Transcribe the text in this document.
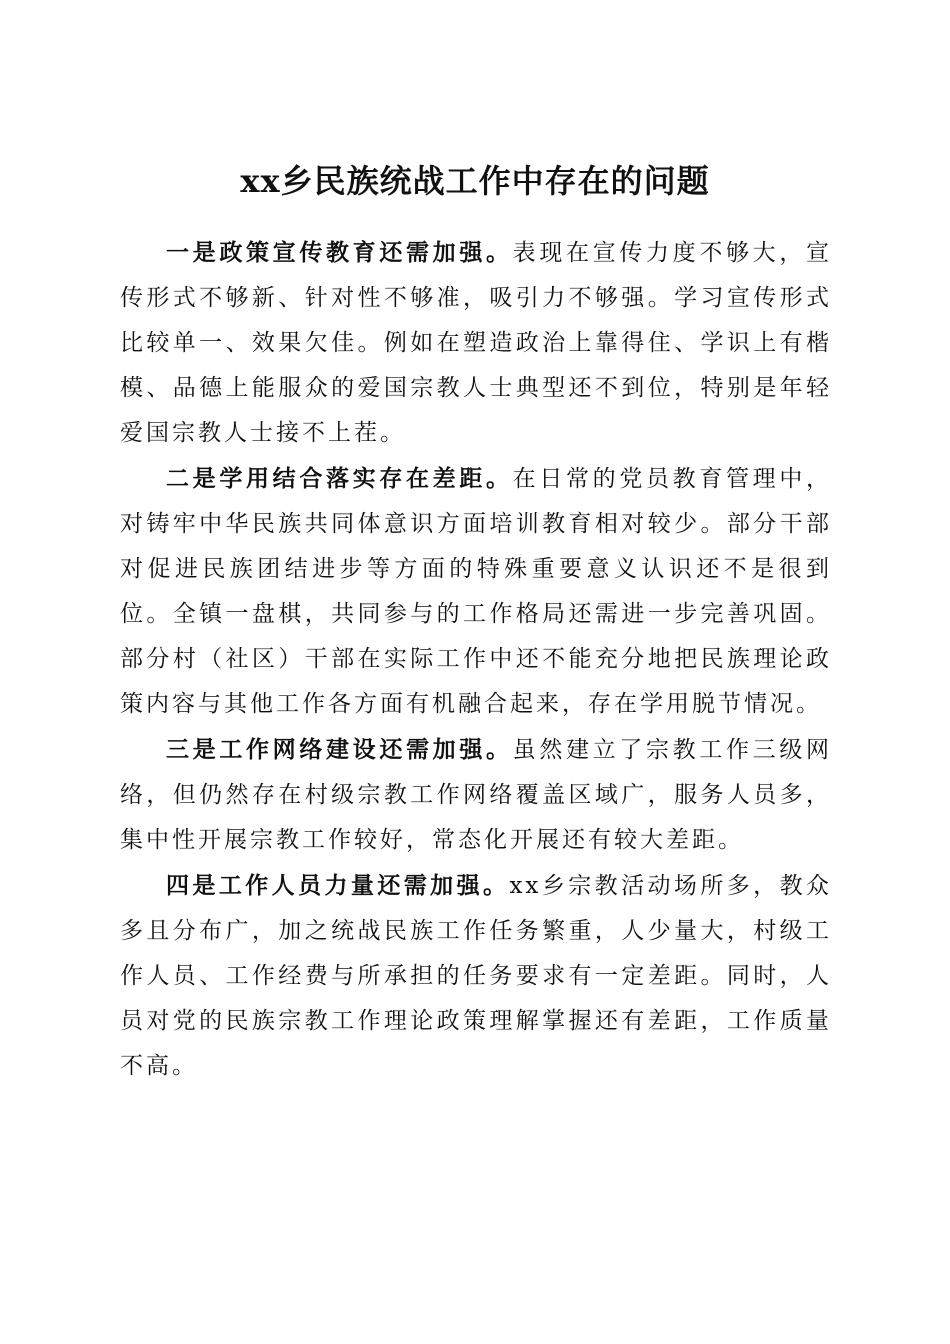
xx乡民族统战工作中存在的问题

一是政策宣传教育还需加强。表现在宣传力度不够大，宣传形式不够新、针对性不够准，吸引力不够强。学习宣传形式比较单一、效果欠佳。例如在塑造政治上靠得住、学识上有楷模、品德上能服众的爱国宗教人士典型还不到位，特别是年轻爱国宗教人士接不上茬。

二是学用结合落实存在差距。在日常的党员教育管理中，对铸牢中华民族共同体意识方面培训教育相对较少。部分干部对促进民族团结进步等方面的特殊重要意义认识还不是很到位。全镇一盘棋，共同参与的工作格局还需进一步完善巩固。部分村（社区）干部在实际工作中还不能充分地把民族理论政策内容与其他工作各方面有机融合起来，存在学用脱节情况。

三是工作网络建设还需加强。虽然建立了宗教工作三级网络，但仍然存在村级宗教工作网络覆盖区域广，服务人员多，集中性开展宗教工作较好，常态化开展还有较大差距。

四是工作人员力量还需加强。xx乡宗教活动场所多，教众多且分布广，加之统战民族工作任务繁重，人少量大，村级工作人员、工作经费与所承担的任务要求有一定差距。同时，人员对党的民族宗教工作理论政策理解掌握还有差距，工作质量不高。
